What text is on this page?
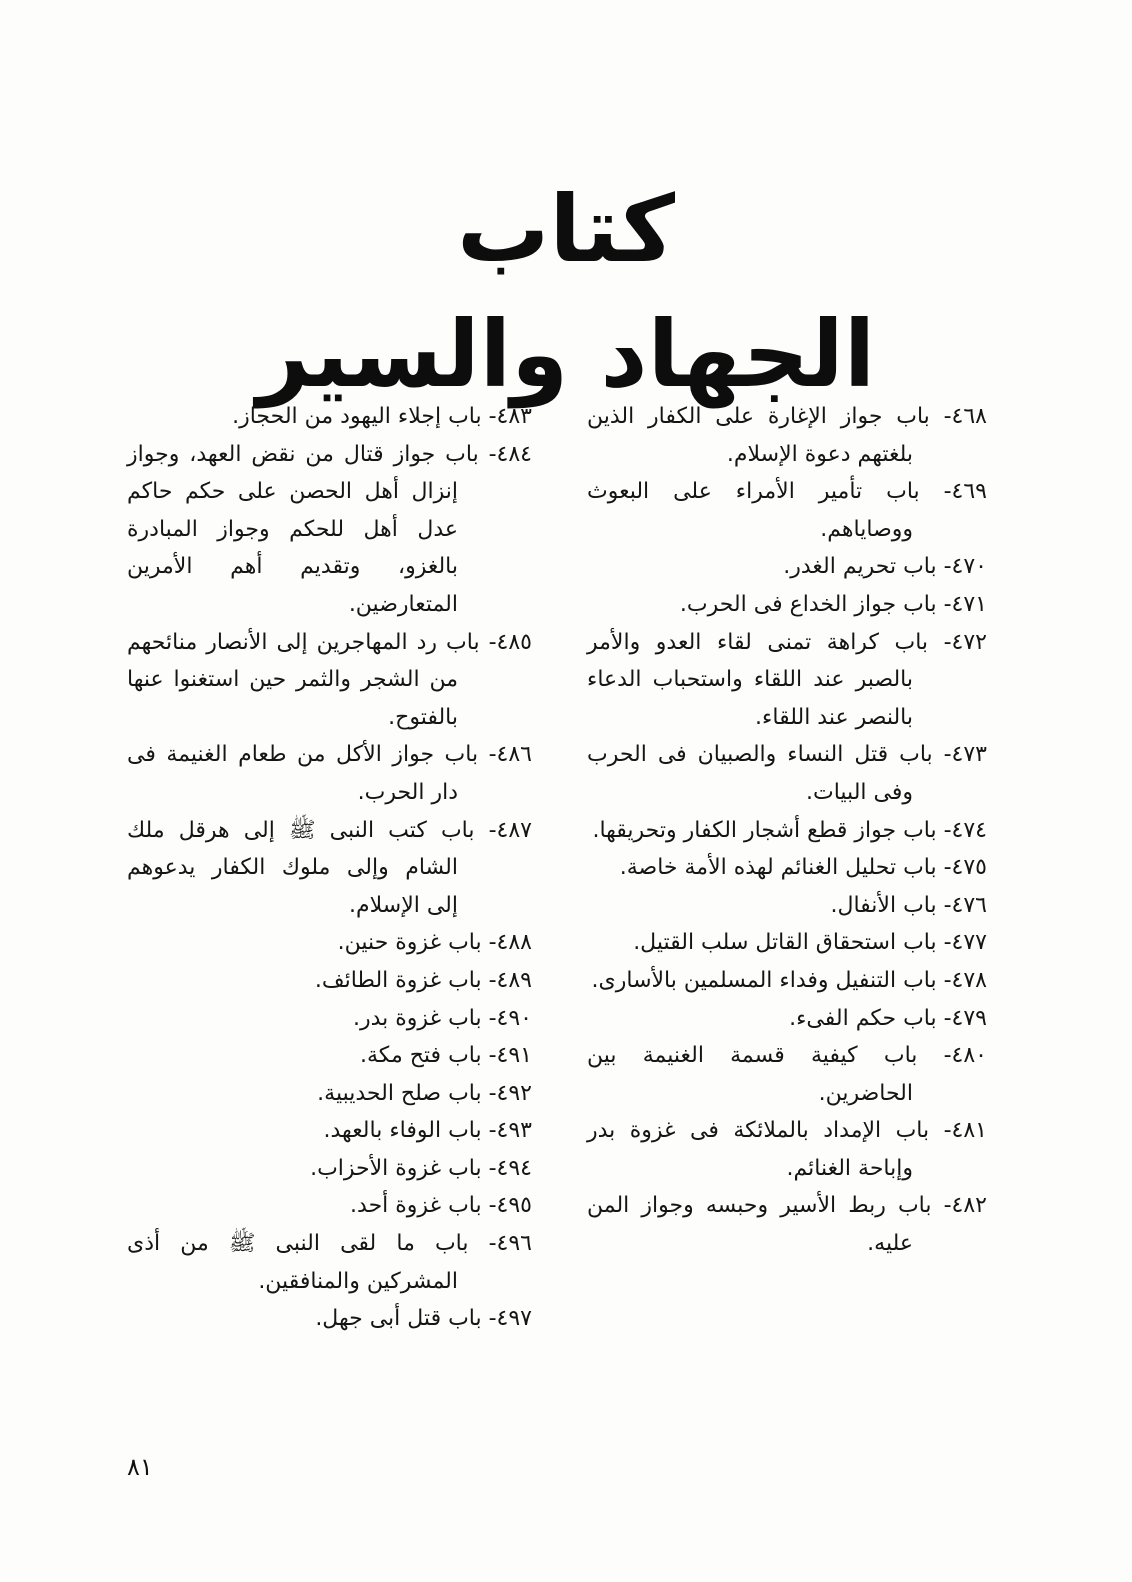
كتاب
الجهاد والسير

٤٦٨- باب جواز الإغارة على الكفار الذين بلغتهم دعوة الإسلام.

٤٦٩- باب تأمير الأمراء على البعوث ووصاياهم.

٤٧٠- باب تحريم الغدر.

٤٧١- باب جواز الخداع فى الحرب.

٤٧٢- باب كراهة تمنى لقاء العدو والأمر بالصبر عند اللقاء واستحباب الدعاء بالنصر عند اللقاء.

٤٧٣- باب قتل النساء والصبيان فى الحرب وفى البيات.

٤٧٤- باب جواز قطع أشجار الكفار وتحريقها.

٤٧٥- باب تحليل الغنائم لهذه الأمة خاصة.

٤٧٦- باب الأنفال.

٤٧٧- باب استحقاق القاتل سلب القتيل.

٤٧٨- باب التنفيل وفداء المسلمين بالأسارى.

٤٧٩- باب حكم الفىء.

٤٨٠- باب كيفية قسمة الغنيمة بين الحاضرين.

٤٨١- باب الإمداد بالملائكة فى غزوة بدر وإباحة الغنائم.

٤٨٢- باب ربط الأسير وحبسه وجواز المن عليه.

٤٨٣- باب إجلاء اليهود من الحجاز.

٤٨٤- باب جواز قتال من نقض العهد، وجواز إنزال أهل الحصن على حكم حاكم عدل أهل للحكم وجواز المبادرة بالغزو، وتقديم أهم الأمرين المتعارضين.

٤٨٥- باب رد المهاجرين إلى الأنصار منائحهم من الشجر والثمر حين استغنوا عنها بالفتوح.

٤٨٦- باب جواز الأكل من طعام الغنيمة فى دار الحرب.

٤٨٧- باب كتب النبى ﷺ إلى هرقل ملك الشام وإلى ملوك الكفار يدعوهم إلى الإسلام.

٤٨٨- باب غزوة حنين.

٤٨٩- باب غزوة الطائف.

٤٩٠- باب غزوة بدر.

٤٩١- باب فتح مكة.

٤٩٢- باب صلح الحديبية.

٤٩٣- باب الوفاء بالعهد.

٤٩٤- باب غزوة الأحزاب.

٤٩٥- باب غزوة أحد.

٤٩٦- باب ما لقى النبى ﷺ من أذى المشركين والمنافقين.

٤٩٧- باب قتل أبى جهل.

٨١
